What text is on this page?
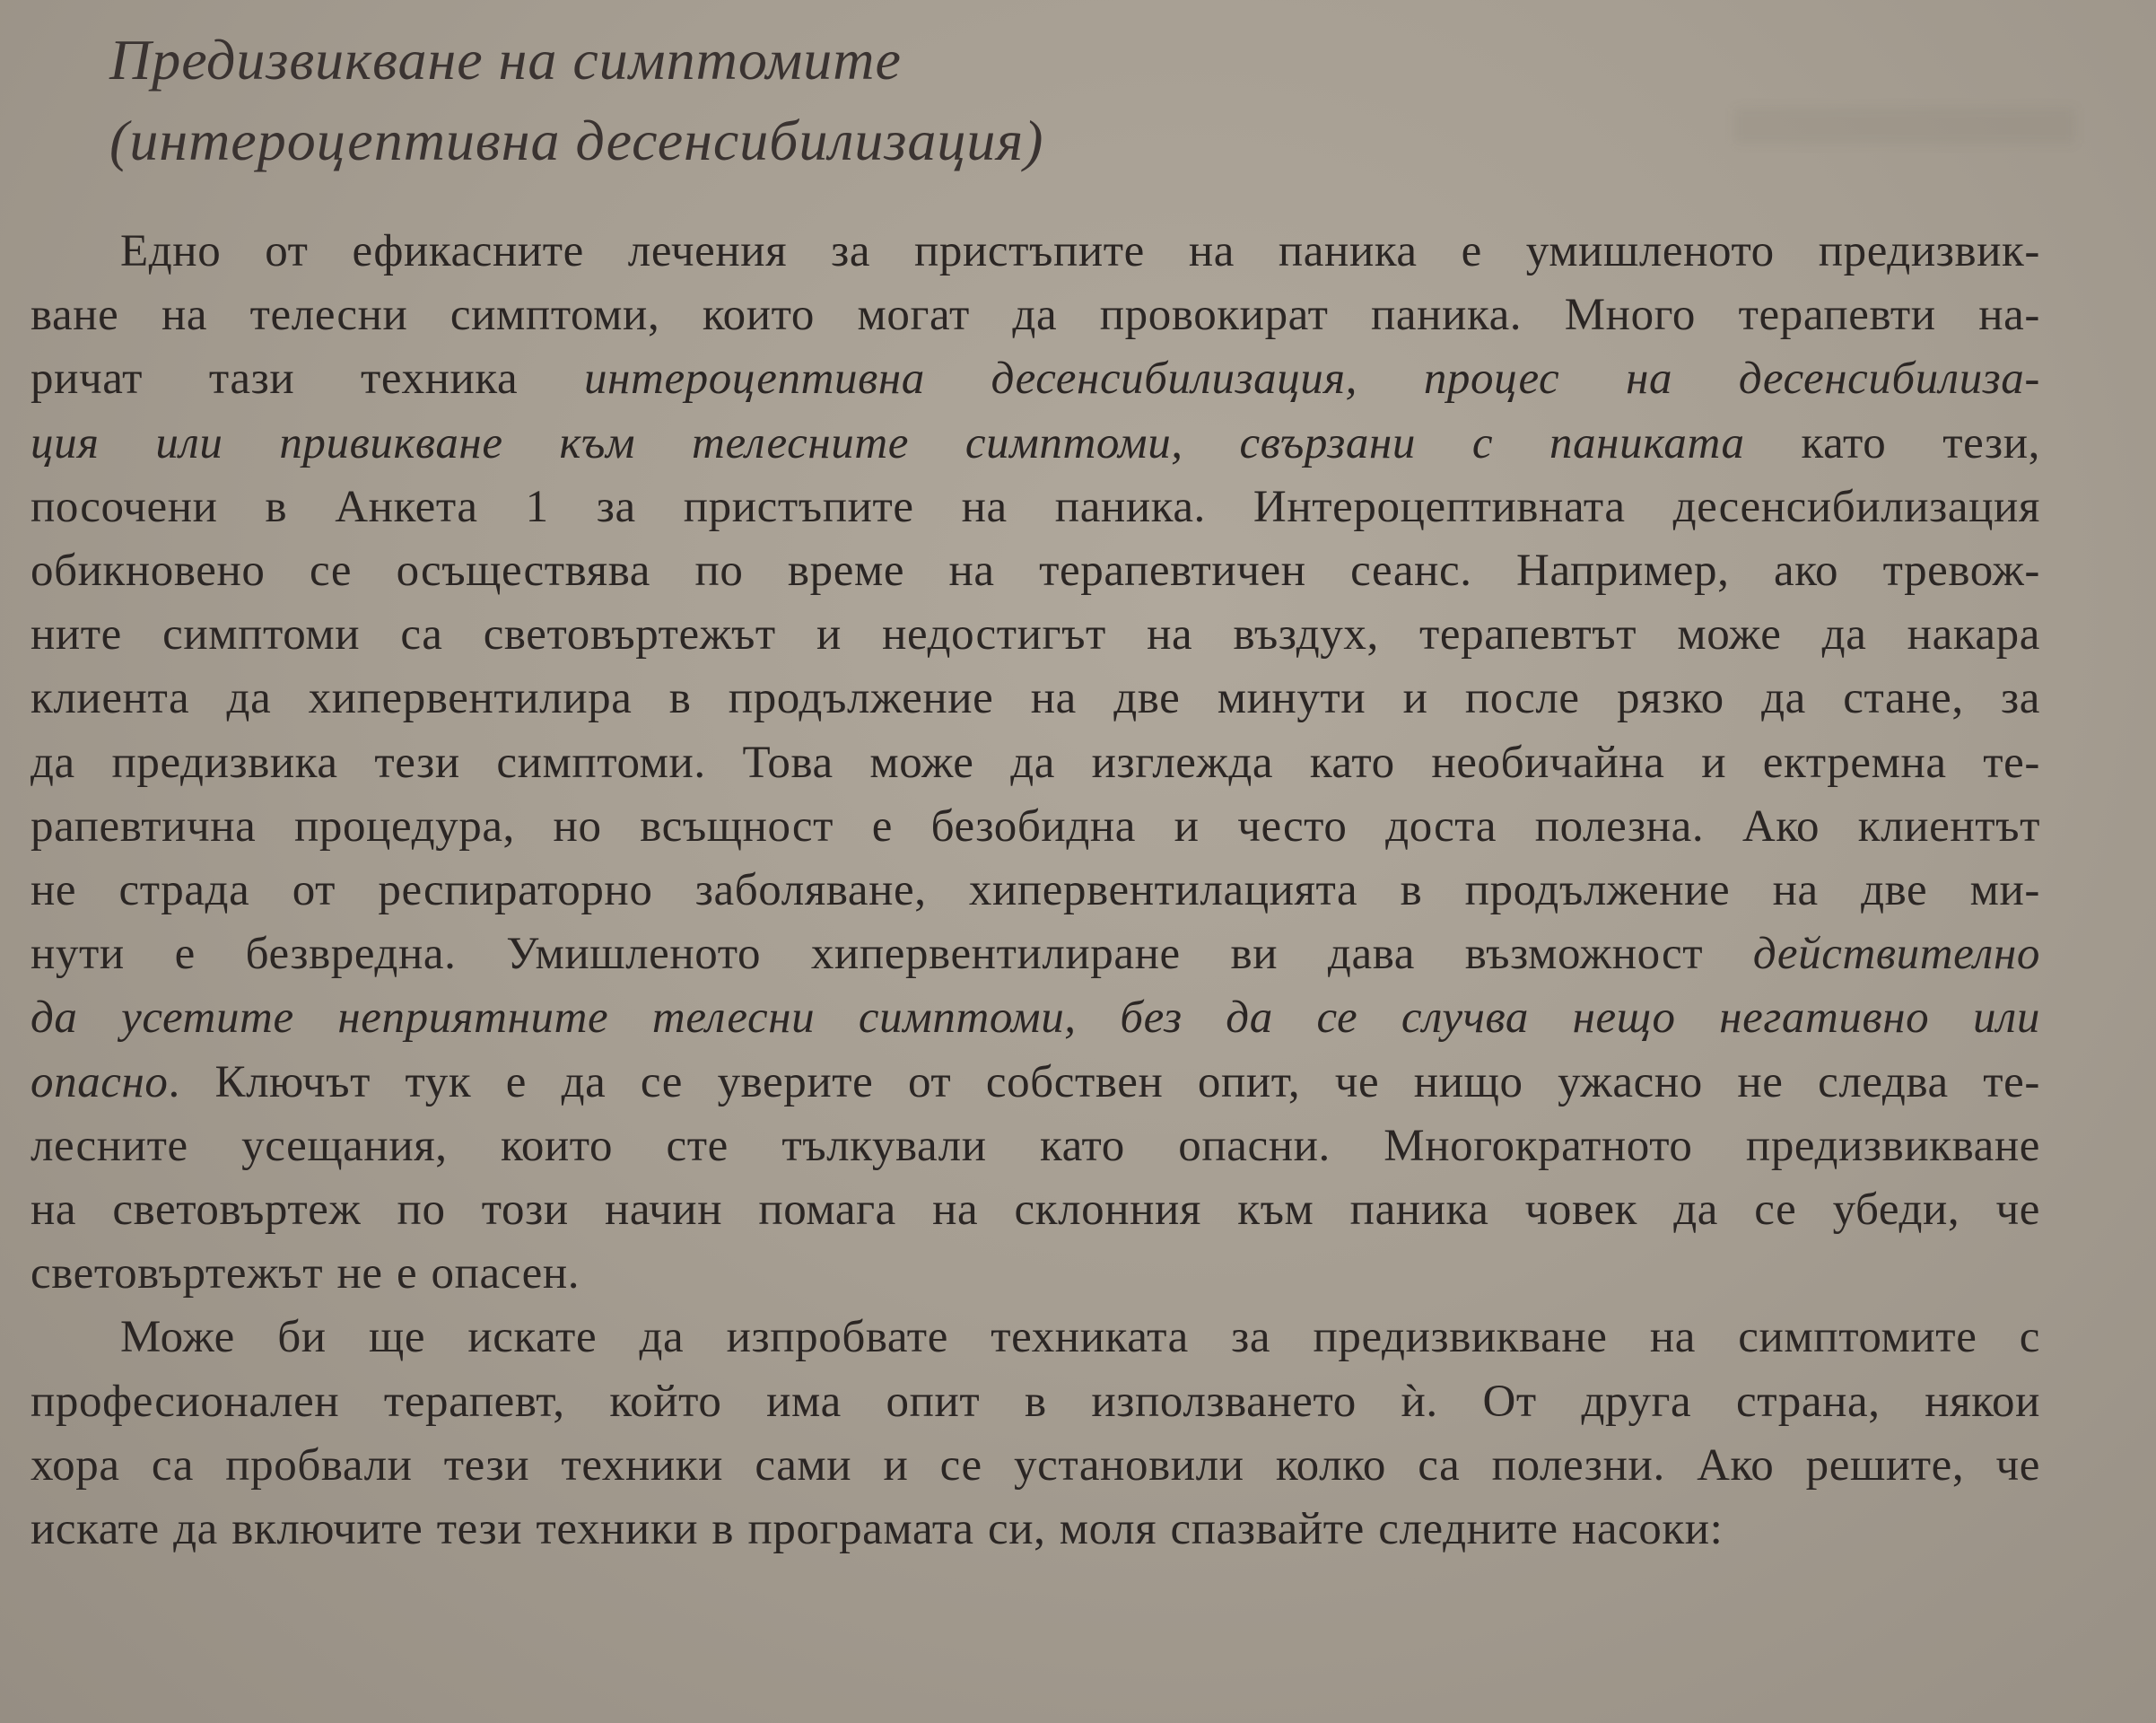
Предизвикване на симптомите
(интероцептивна десенсибилизация)

Едно от ефикасните лечения за пристъпите на паника е умишленото предизвик-
ване на телесни симптоми, които могат да провокират паника. Много терапевти на-
ричат тази техника интероцептивна десенсибилизация, процес на десенсибилиза-
ция или привикване към телесните симптоми, свързани с паниката като тези,
посочени в Анкета 1 за пристъпите на паника. Интероцептивната десенсибилизация
обикновено се осъществява по време на терапевтичен сеанс. Например, ако тревож-
ните симптоми са световъртежът и недостигът на въздух, терапевтът може да накара
клиента да хипервентилира в продължение на две минути и после рязко да стане, за
да предизвика тези симптоми. Това може да изглежда като необичайна и ектремна те-
рапевтична процедура, но всъщност е безобидна и често доста полезна. Ако клиентът
не страда от респираторно заболяване, хипервентилацията в продължение на две ми-
нути е безвредна. Умишленото хипервентилиране ви дава възможност действително
да усетите неприятните телесни симптоми, без да се случва нещо негативно или
опасно. Ключът тук е да се уверите от собствен опит, че нищо ужасно не следва те-
лесните усещания, които сте тълкували като опасни. Многократното предизвикване
на световъртеж по този начин помага на склонния към паника човек да се убеди, че
световъртежът не е опасен.

Може би ще искате да изпробвате техниката за предизвикване на симптомите с
професионален терапевт, който има опит в използването ѝ. От друга страна, някои
хора са пробвали тези техники сами и се установили колко са полезни. Ако решите, че
искате да включите тези техники в програмата си, моля спазвайте следните насоки:
